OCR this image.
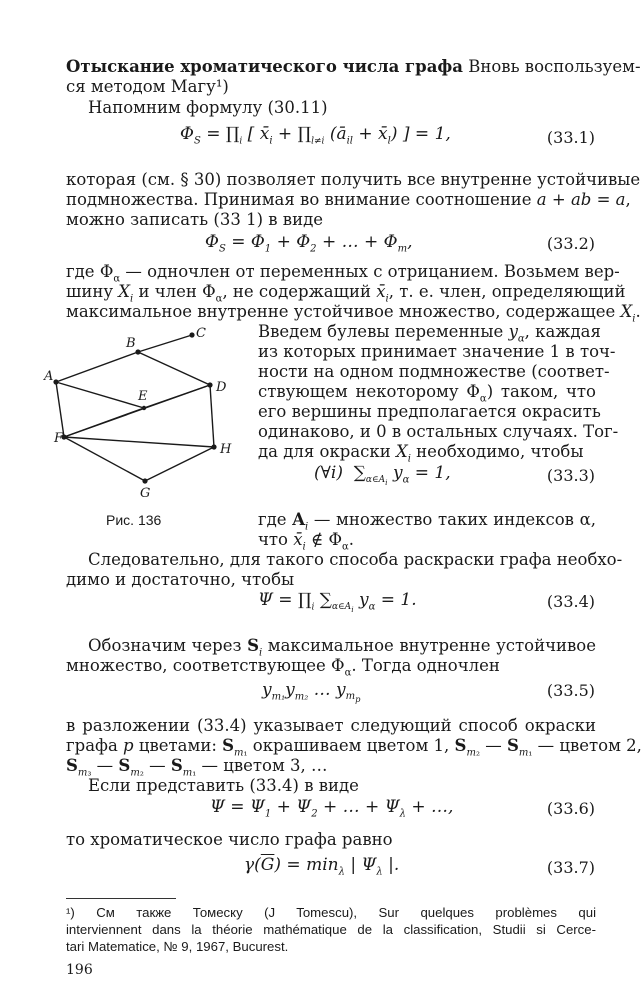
Отыскание хроматического числа графа Вновь воспользуем-
ся методом Магу¹)
Напомним формулу (30.11)
$\Phi_S$ = $\prod_i$ [ $x̄_i$ + $\prod_{l\ne i}$ ($ā_{il}$ + $x̄_l$) ] = 1,	(33.1)
которая (см. § 30) позволяет получить все внутренне устойчивые
подмножества. Принимая во внимание соотношение a + ab = a,
можно записать (33 1) в виде
$\Phi_S = \Phi_1 + \Phi_2$ + … + $\Phi_m$,	(33.2)
где $\Phi_\alpha$ — одночлен от переменных с отрицанием. Возьмем вер-
шину $X_i$ и член $\Phi_\alpha$, не содержащий $x̄_i$, т. е. член, определяющий
максимальное внутренне устойчивое множество, содержащее $X_i$.
B
C
A
D
E
F
H
G
Введем булевы переменные $y_\alpha$, каждая
из которых принимает значение 1 в точ-
ности на одном подмножестве (соответ-
ствующем некоторому $\Phi_\alpha$) таком, что
его вершины предполагается окрасить
одинаково, и 0 в остальных случаях. Тог-
да для окраски $X_i$ необходимо, чтобы
(∀i)  $\sum_{\alpha\in A_i}$ $y_\alpha = 1$,	(33.3)
Рис. 136	где $A_i$ — множество таких индексов α,
что $x̄_i$ ∉ $\Phi_\alpha$.
Следовательно, для такого способа раскраски графа необхо-
димо и достаточно, чтобы
$\Psi = \prod_i$ $\sum_{\alpha\in A_i}$ $y_\alpha = 1$.	(33.4)
Обозначим через $S_i$ максимальное внутренне устойчивое
множество, соответствующее $\Phi_\alpha$. Тогда одночлен
$y_{m_1}y_{m_2}$ … $y_{m_p}$	(33.5)
в разложении (33.4) указывает следующий способ окраски
графа p цветами: $S_{m_1}$ окрашиваем цветом 1, $S_{m_2}$ — $S_{m_1}$ — цветом 2,
$S_{m_3}$ — $S_{m_2}$ — $S_{m_1}$ — цветом 3, …
Если представить (33.4) в виде
$\Psi = \Psi_1 + \Psi_2$ + … + $\Psi_\lambda$ + …,	(33.6)
то хроматическое число графа равно
$\gamma(\overline{G}) = \min_\lambda$ | $\Psi_\lambda$ |.	(33.7)
¹) См также Томеску (J Tomescu), Sur quelques problèmes qui
interviennent dans la théorie mathématique de la classification, Studii si Cercе-
tari Matematice, № 9, 1967, Bucurest.
196
